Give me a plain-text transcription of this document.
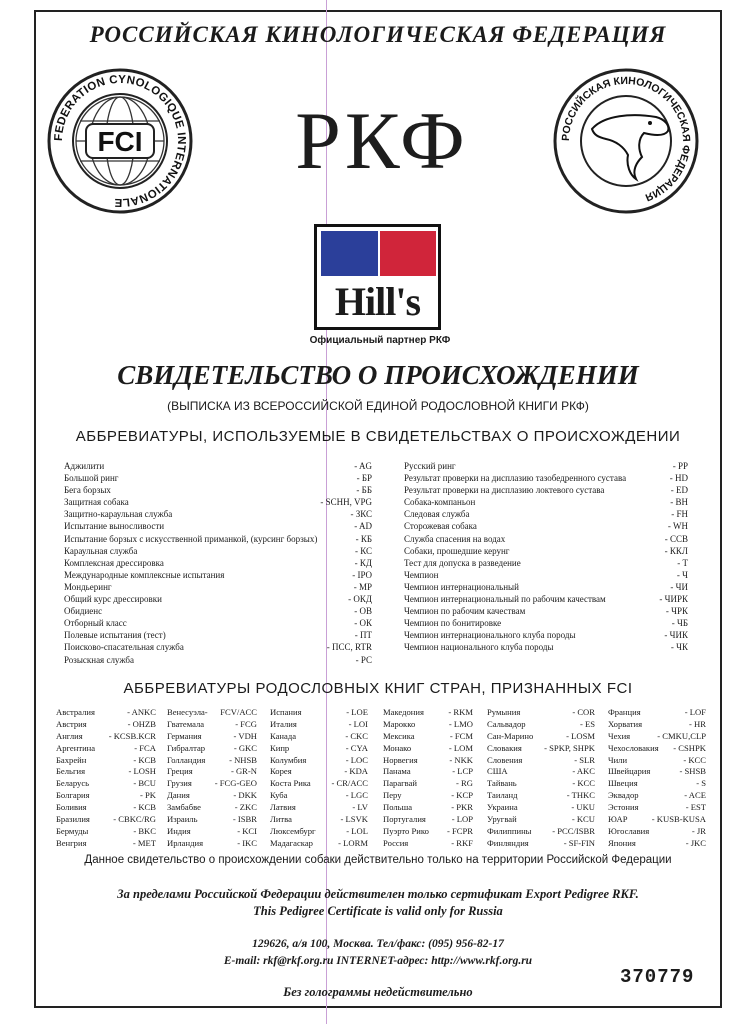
РОССИЙСКАЯ КИНОЛОГИЧЕСКАЯ ФЕДЕРАЦИЯ
FCI
FEDERATION CYNOLOGIQUE INTERNATIONALE
РКФ	РОССИЙСКАЯ КИНОЛОГИЧЕСКАЯ ФЕДЕРАЦИЯ
Hill's
Официальный партнер РКФ
СВИДЕТЕЛЬСТВО О ПРОИСХОЖДЕНИИ
(ВЫПИСКА ИЗ ВСЕРОССИЙСКОЙ ЕДИНОЙ РОДОСЛОВНОЙ КНИГИ РКФ)
АББРЕВИАТУРЫ, ИСПОЛЬЗУЕМЫЕ В СВИДЕТЕЛЬСТВАХ О ПРОИСХОЖДЕНИИ
Аджилити	- AG
Большой ринг	- БР
Бега борзых	- ББ
Защитная собака	- SCHH, VPG
Защитно-караульная служба	- ЗКС
Испытание выносливости	- AD
Испытание борзых с искусственной приманкой, (курсинг борзых)	- КБ
Караульная служба	- КС
Комплексная дрессировка	- КД
Международные комплексные испытания	- IPO
Мондьеринг	- MP
Общий курс дрессировки	- ОКД
Обидиенс	- OB
Отборный класс	- ОК
Полевые испытания (тест)	- ПТ
Поисково-спасательная служба	- ПСС, RTR
Розыскная служба	- РС
Русский ринг	- РР
Результат проверки на дисплазию тазобедренного сустава	- HD
Результат проверки на дисплазию локтевого сустава	- ED
Собака-компаньон	- BH
Следовая служба	- FH
Сторожевая собака	- WH
Служба спасения на водах	- ССВ
Собаки, прошедшие керунг	- ККЛ
Тест для допуска в разведение	- Т
Чемпион	- Ч
Чемпион интернациональный	- ЧИ
Чемпион интернациональный по рабочим качествам	- ЧИРК
Чемпион по рабочим качествам	- ЧРК
Чемпион по бонитировке	- ЧБ
Чемпион интернационального клуба породы	- ЧИК
Чемпион национального клуба породы	- ЧК
АББРЕВИАТУРЫ РОДОСЛОВНЫХ КНИГ СТРАН, ПРИЗНАННЫХ FCI
Австралия	- ANKC
Австрия	- OHZB
Англия	- KCSB.KCR
Аргентина	- FCA
Бахрейн	- KCB
Бельгия	- LOSH
Беларусь	- BCU
Болгария	- PK
Боливия	- KCB
Бразилия	- CBKC/RG
Бермуды	- BKC
Венгрия	- MET
Венесуэла-	FCV/ACC
Гватемала	- FCG
Германия	- VDH
Гибралтар	- GKC
Голландия	- NHSB
Греция	- GR-N
Грузия	- FCG-GEO
Дания	- DKK
Замбабве	- ZKC
Израиль	- ISBR
Индия	- KCI
Ирландия	- IKC
Испания	- LOE
Италия	- LOI
Канада	- CKC
Кипр	- CYA
Колумбия	- LOC
Корея	- KDA
Коста Рика	- CR/ACC
Куба	- LGC
Латвия	- LV
Литва	- LSVK
Люксембург	- LOL
Мадагаскар	- LORM
Македония	- RKM
Марокко	- LMO
Мексика	- FCM
Монако	- LOM
Норвегия	- NKK
Панама	- LCP
Парагвай	- RG
Перу	- KCP
Польша	- PKR
Португалия	- LOP
Пуэрто Рико	- FCPR
Россия	- RKF
Румыния	- COR
Сальвадор	- ES
Сан-Марино	- LOSM
Словакия	- SPKP, SHPK
Словения	- SLR
США	- AKC
Тайвань	- KCC
Таиланд	- THKC
Украина	- UKU
Уругвай	- KCU
Филиппины	- PCC/ISBR
Финляндия	- SF-FIN
Франция	- LOF
Хорватия	- HR
Чехия	- CMKU,CLP
Чехословакия	- CSHPK
Чили	- KCC
Швейцария	- SHSB
Швеция	- S
Эквадор	- ACE
Эстония	- EST
ЮАР	- KUSB-KUSA
Югославия	- JR
Япония	- JKC
Данное свидетельство о происхождении собаки действительно только на территории Российской Федерации
За пределами Российской Федерации действителен только сертификат Export Pedigree RKF.
This Pedigree Certificate is valid only for Russia
129626, а/я 100, Москва. Тел/факс: (095) 956-82-17
E-mail: rkf@rkf.org.ru INTERNET-адрес: http://www.rkf.org.ru
370779
Без голограммы недействительно
